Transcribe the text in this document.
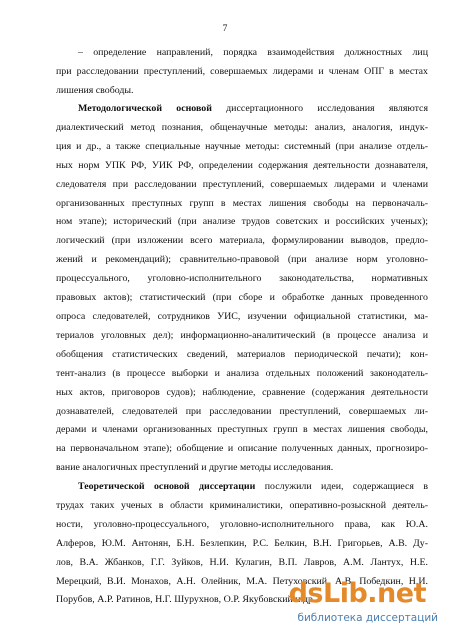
7

– определение направлений, порядка взаимодействия должностных лиц
при расследовании преступлений, совершаемых лидерами и членам ОПГ в местах
лишения свободы.

Методологической основой диссертационного исследования являются
диалектический метод познания, общенаучные методы: анализ, аналогия, индук-
ция и др., а также специальные научные методы: системный (при анализе отдель-
ных норм УПК РФ, УИК РФ, определении содержания деятельности дознавателя,
следователя при расследовании преступлений, совершаемых лидерами и членами
организованных преступных групп в местах лишения свободы на первоначаль-
ном этапе); исторический (при анализе трудов советских и российских ученых);
логический (при изложении всего материала, формулировании выводов, предло-
жений и рекомендаций); сравнительно-правовой (при анализе норм уголовно-
процессуального, уголовно-исполнительного законодательства, нормативных
правовых актов); статистический (при сборе и обработке данных проведенного
опроса следователей, сотрудников УИС, изучении официальной статистики, ма-
териалов уголовных дел); информационно-аналитический (в процессе анализа и
обобщения статистических сведений, материалов периодической печати); кон-
тент-анализ (в процессе выборки и анализа отдельных положений законодатель-
ных актов, приговоров судов); наблюдение, сравнение (содержания деятельности
дознавателей, следователей при расследовании преступлений, совершаемых ли-
дерами и членами организованных преступных групп в местах лишения свободы,
на первоначальном этапе); обобщение и описание полученных данных, прогнозиро-
вание аналогичных преступлений и другие методы исследования.

Теоретической основой диссертации послужили идеи, содержащиеся в
трудах таких ученых в области криминалистики, оперативно-розыскной деятель-
ности, уголовно-процессуального, уголовно-исполнительного права, как Ю.А.
Алферов, Ю.М. Антонян, Б.Н. Безлепкин, Р.С. Белкин, В.Н. Григорьев, А.В. Ду-
лов, В.А. Жбанков, Г.Г. Зуйков, Н.И. Кулагин, В.П. Лавров, А.М. Лантух, Н.Е.
Мерецкий, В.И. Монахов, А.Н. Олейник, М.А. Петуховский, А.В. Победкин, Н.И.
Порубов, А.Р. Ратинов, Н.Г. Шурухнов, О.Р. Якубовский и др.

dsLib.net
библиотека диссертаций
